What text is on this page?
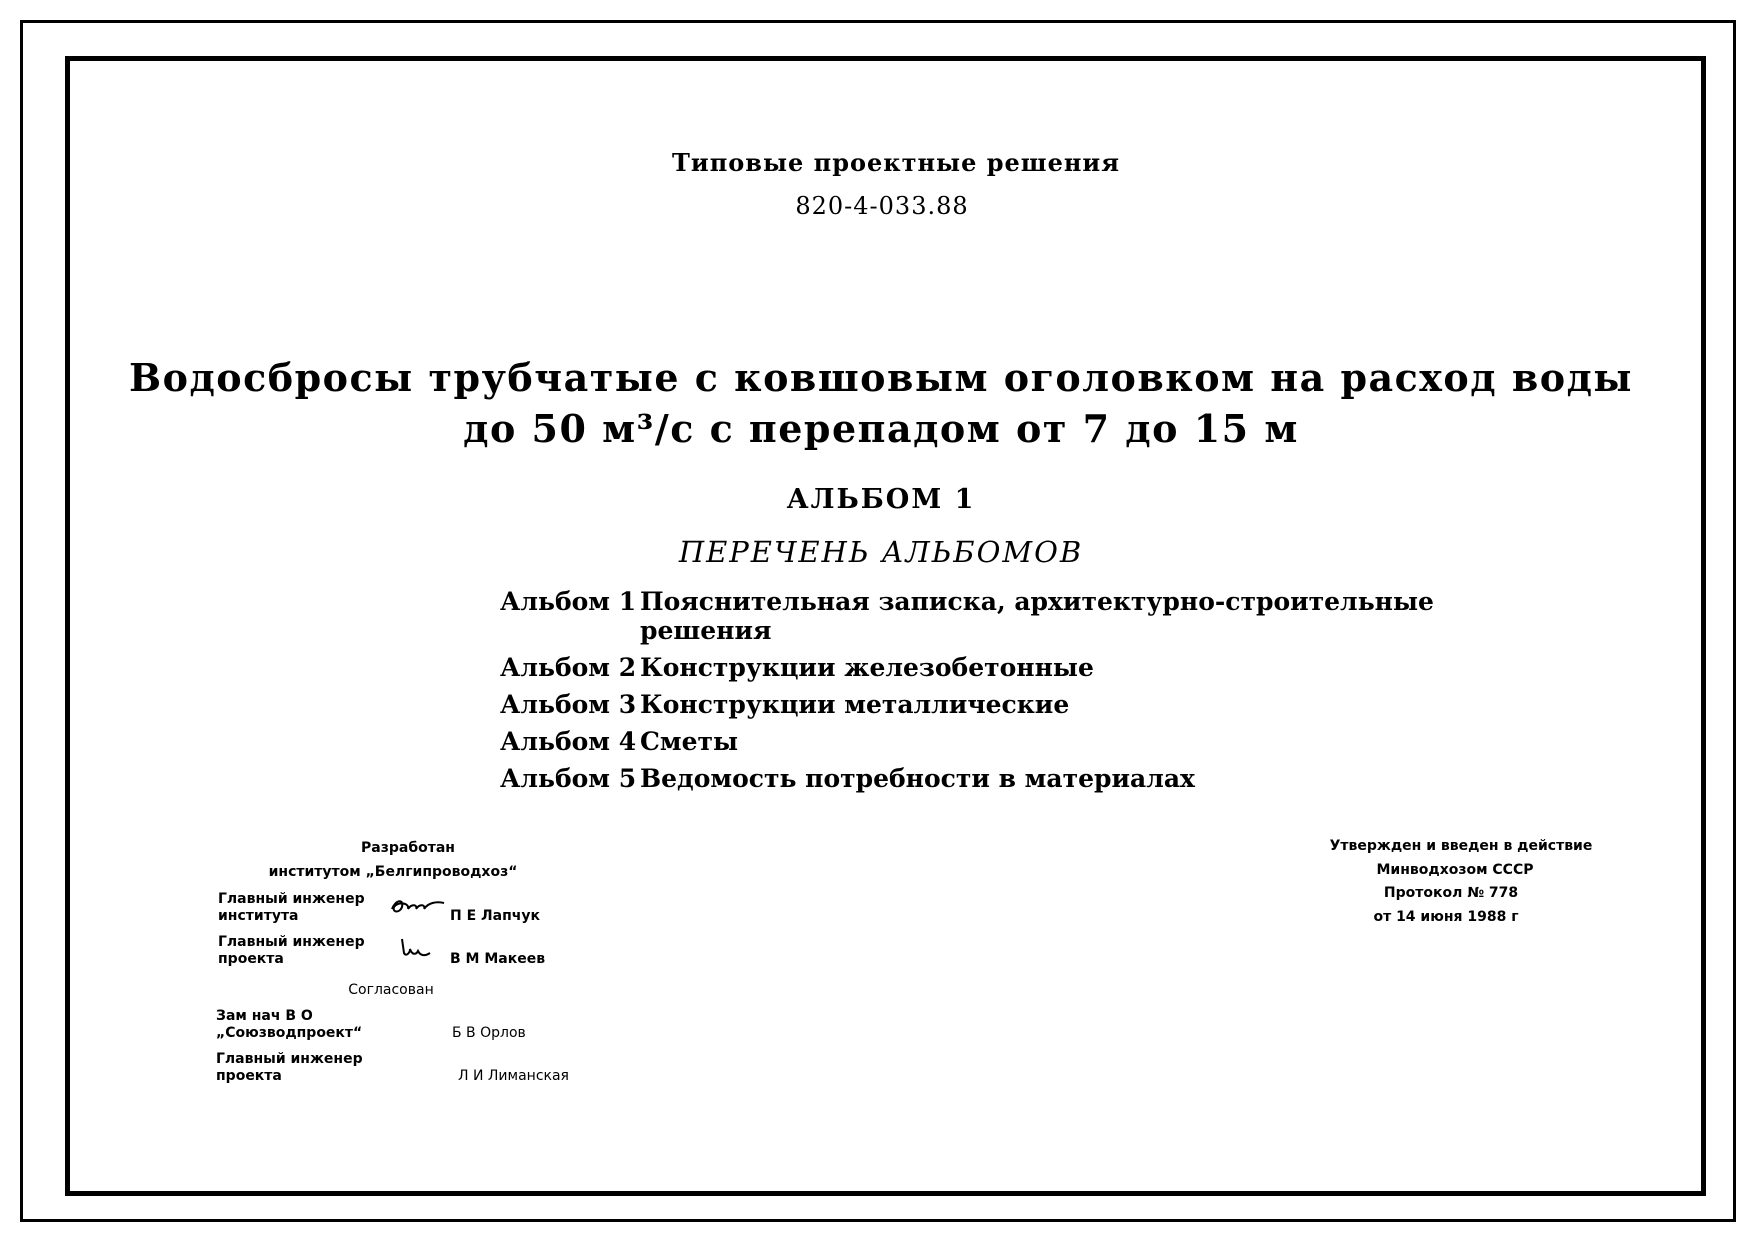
Типовые проектные решения
820-4-033.88
Водосбросы трубчатые с ковшовым оголовком на расход воды
до 50 м³/с с перепадом от 7 до 15 м
АЛЬБОМ 1
ПЕРЕЧЕНЬ АЛЬБОМОВ
Альбом 1 Пояснительная записка, архитектурно-строительные
решения
Альбом 2 Конструкции железобетонные
Альбом 3 Конструкции металлические
Альбом 4 Сметы
Альбом 5 Ведомость потребности в материалах
Разработан
институтом „Белгипроводхоз“
Главный инженер
института	П Е Лапчук
Главный инженер
проекта	В М Макеев
Согласован
Зам нач В О
„Союзводпроект“	Б В Орлов
Главный инженер
проекта	Л И Лиманская
Утвержден и введен в действие
Минводхозом СССР
Протокол № 778
от 14 июня 1988 г
